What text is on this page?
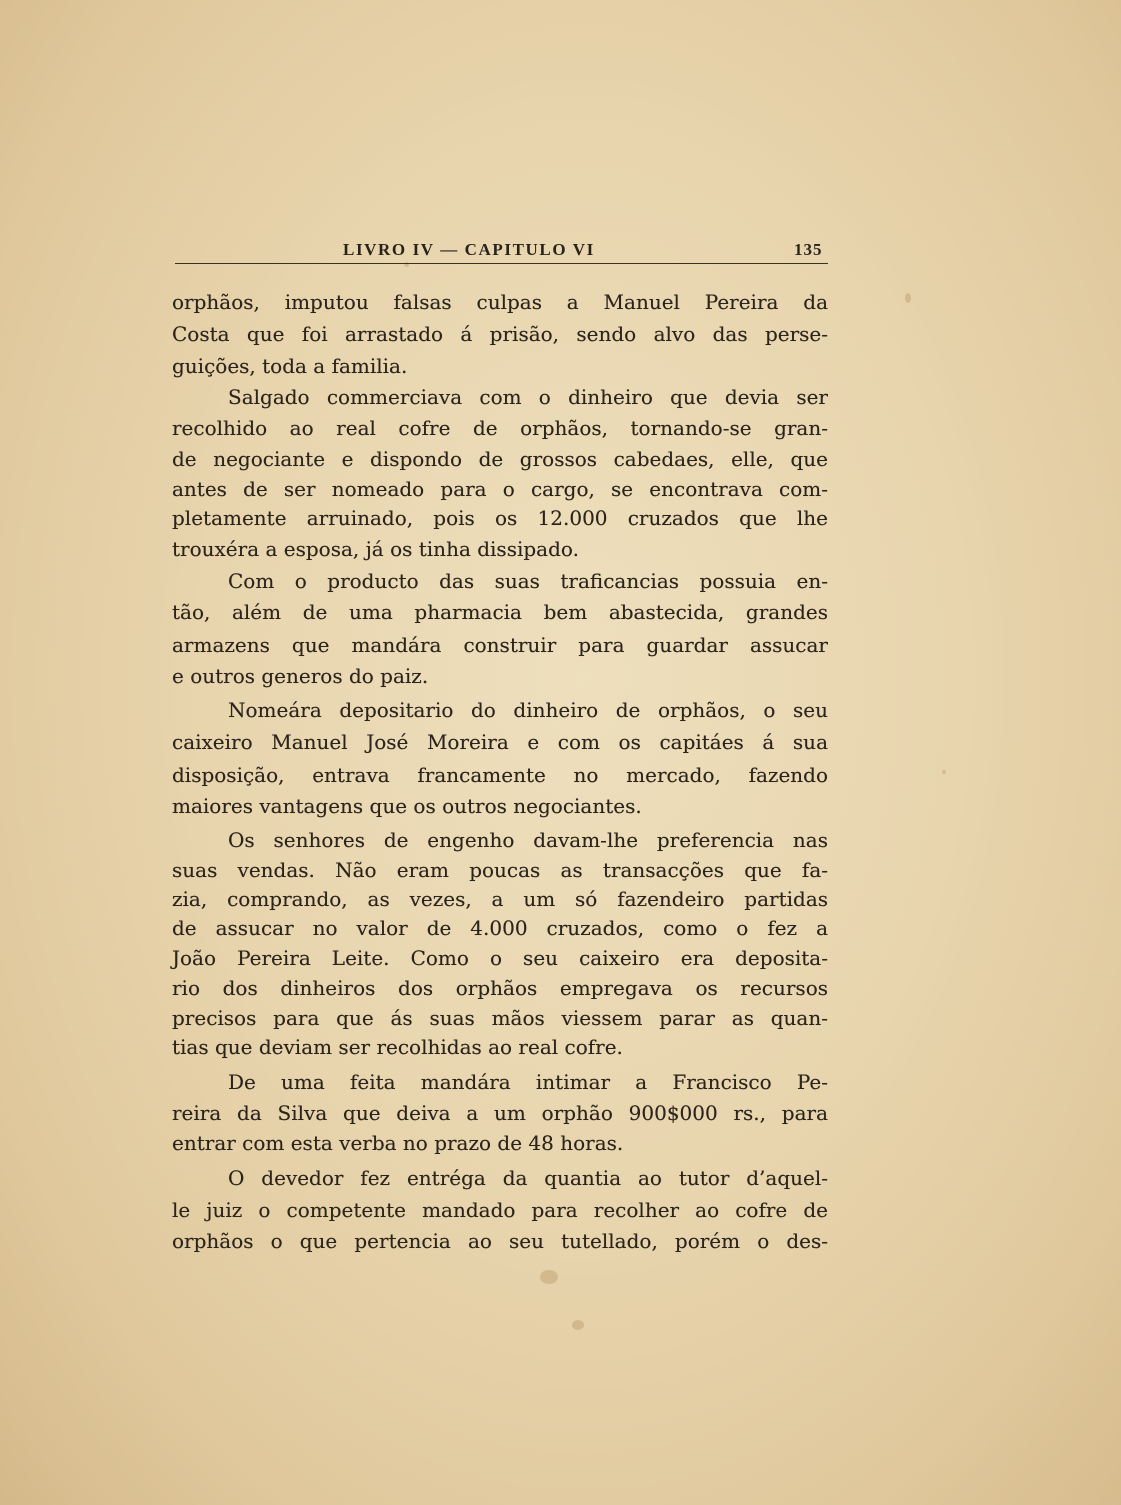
LIVRO IV — CAPITULO VI	135
orphãos, imputou falsas culpas a Manuel Pereira da
Costa que foi arrastado á prisão, sendo alvo das perse-
guições, toda a familia.
Salgado commerciava com o dinheiro que devia ser
recolhido ao real cofre de orphãos, tornando-se gran-
de negociante e dispondo de grossos cabedaes, elle, que
antes de ser nomeado para o cargo, se encontrava com-
pletamente arruinado, pois os 12.000 cruzados que lhe
trouxéra a esposa, já os tinha dissipado.
Com o producto das suas traficancias possuia en-
tão, além de uma pharmacia bem abastecida, grandes
armazens que mandára construir para guardar assucar
e outros generos do paiz.
Nomeára depositario do dinheiro de orphãos, o seu
caixeiro Manuel José Moreira e com os capitáes á sua
disposição, entrava francamente no mercado, fazendo
maiores vantagens que os outros negociantes.
Os senhores de engenho davam-lhe preferencia nas
suas vendas. Não eram poucas as transacções que fa-
zia, comprando, as vezes, a um só fazendeiro partidas
de assucar no valor de 4.000 cruzados, como o fez a
João Pereira Leite. Como o seu caixeiro era deposita-
rio dos dinheiros dos orphãos empregava os recursos
precisos para que ás suas mãos viessem parar as quan-
tias que deviam ser recolhidas ao real cofre.
De uma feita mandára intimar a Francisco Pe-
reira da Silva que deiva a um orphão 900$000 rs., para
entrar com esta verba no prazo de 48 horas.
O devedor fez entréga da quantia ao tutor d’aquel-
le juiz o competente mandado para recolher ao cofre de
orphãos o que pertencia ao seu tutellado, porém o des-
